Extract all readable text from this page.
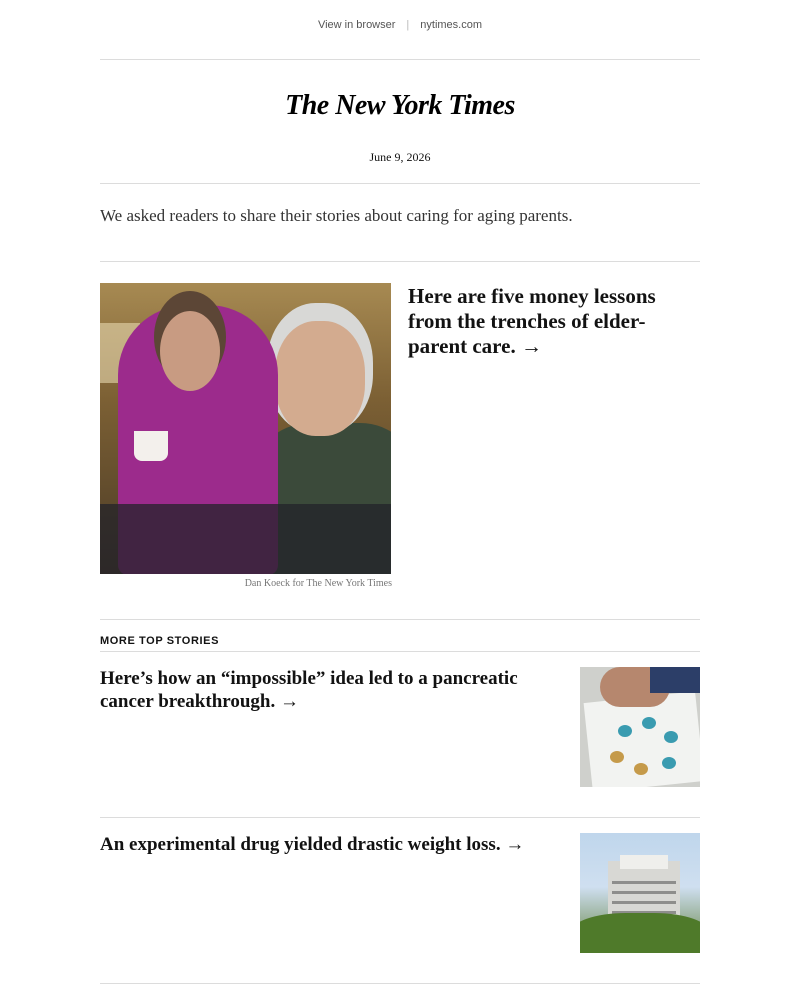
View in browser | nytimes.com
The New York Times
June 9, 2026
We asked readers to share their stories about caring for aging parents.
Dan Koeck for The New York Times
Here are five money lessons from the trenches of elder-parent care. →
MORE TOP STORIES
Here’s how an “impossible” idea led to a pancreatic cancer breakthrough. →
An experimental drug yielded drastic weight loss. →
